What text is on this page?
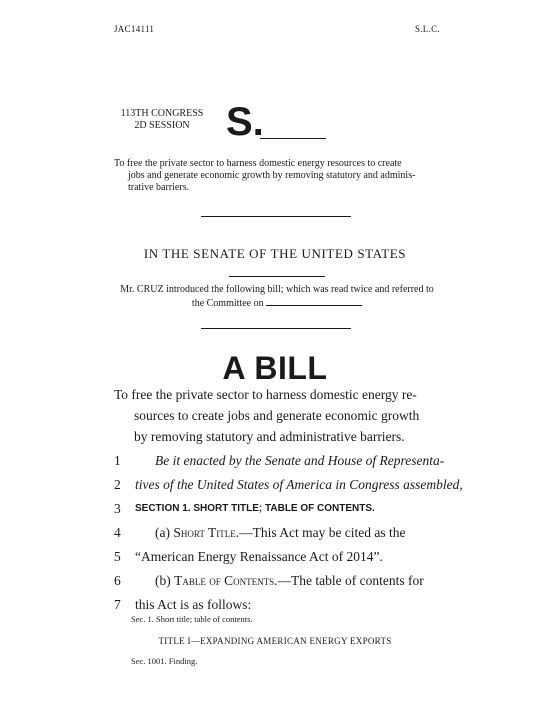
JAC14111	S.L.C.
113TH CONGRESS
2D SESSION S.
To free the private sector to harness domestic energy resources to create
jobs and generate economic growth by removing statutory and adminis-
trative barriers.
IN THE SENATE OF THE UNITED STATES
Mr. CRUZ introduced the following bill; which was read twice and referred to
the Committee on
A BILL
To free the private sector to harness domestic energy re-
sources to create jobs and generate economic growth
by removing statutory and administrative barriers.
1	Be it enacted by the Senate and House of Representa-
2	tives of the United States of America in Congress assembled,
3	SECTION 1. SHORT TITLE; TABLE OF CONTENTS.
4	(a) Short Title.—This Act may be cited as the
5	“American Energy Renaissance Act of 2014”.
6	(b) Table of Contents.—The table of contents for
7	this Act is as follows:
Sec. 1. Short title; table of contents.
TITLE I—EXPANDING AMERICAN ENERGY EXPORTS
Sec. 1001. Finding.
